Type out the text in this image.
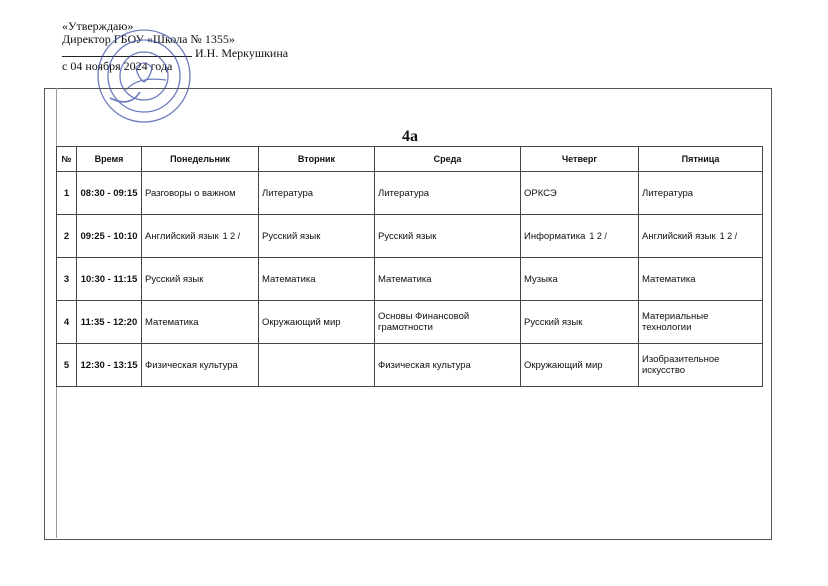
«Утверждаю»
Директор ГБОУ «Школа № 1355»
И.Н. Меркушкина
с 04 ноября 2024 года
4а
№	Время	Понедельник	Вторник	Среда	Четверг	Пятница
1	08:30 - 09:15	Разговоры о важном	Литература	Литература	ОРКСЭ	Литература
2	09:25 - 10:10	Английский язык 1 2 /	Русский язык	Русский язык	Информатика 1 2 /	Английский язык 1 2 /
3	10:30 - 11:15	Русский язык	Математика	Математика	Музыка	Математика
4	11:35 - 12:20	Математика	Окружающий мир	Основы Финансовой грамотности	Русский язык	Материальные технологии
5	12:30 - 13:15	Физическая культура		Физическая культура	Окружающий мир	Изобразительное искусство
